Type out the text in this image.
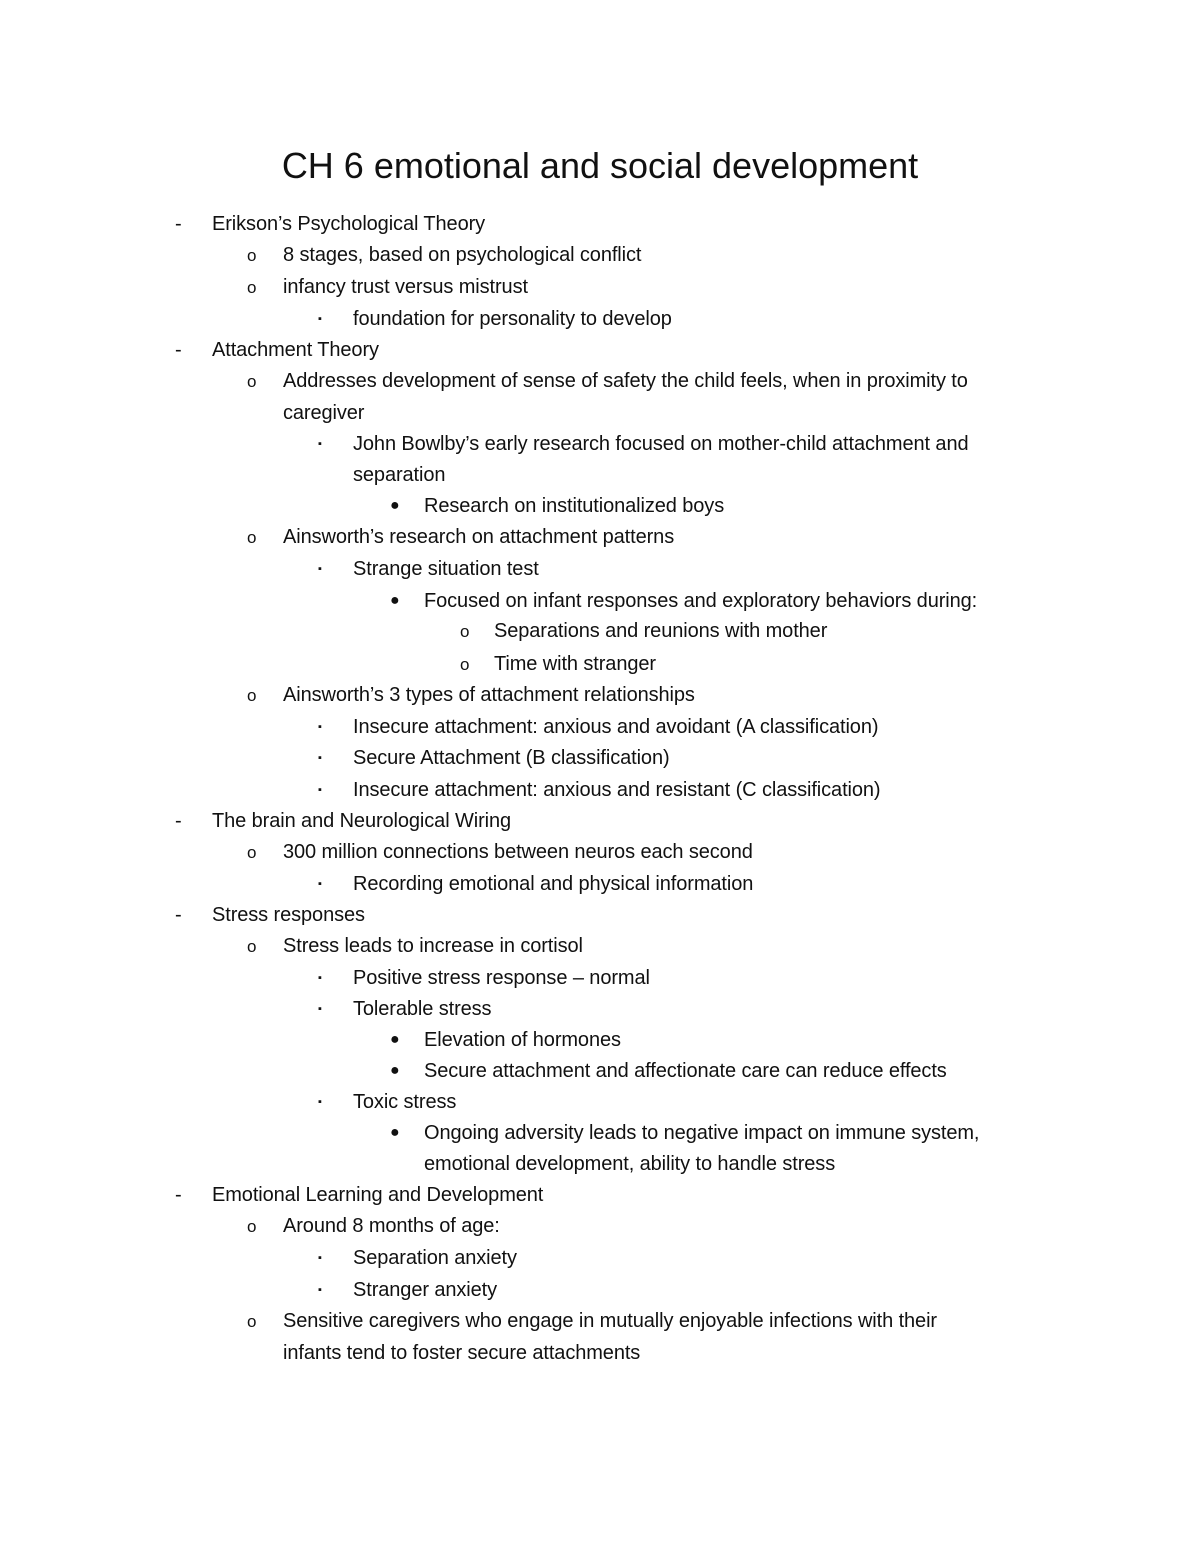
CH 6 emotional and social development
- Erikson’s Psychological Theory
o 8 stages, based on psychological conflict
o infancy trust versus mistrust
▪ foundation for personality to develop
- Attachment Theory
o Addresses development of sense of safety the child feels, when in proximity to
caregiver
▪ John Bowlby’s early research focused on mother-child attachment and
separation
● Research on institutionalized boys
o Ainsworth’s research on attachment patterns
▪ Strange situation test
● Focused on infant responses and exploratory behaviors during:
o Separations and reunions with mother
o Time with stranger
o Ainsworth’s 3 types of attachment relationships
▪ Insecure attachment: anxious and avoidant (A classification)
▪ Secure Attachment (B classification)
▪ Insecure attachment: anxious and resistant (C classification)
- The brain and Neurological Wiring
o 300 million connections between neuros each second
▪ Recording emotional and physical information
- Stress responses
o Stress leads to increase in cortisol
▪ Positive stress response – normal
▪ Tolerable stress
● Elevation of hormones
● Secure attachment and affectionate care can reduce effects
▪ Toxic stress
● Ongoing adversity leads to negative impact on immune system,
emotional development, ability to handle stress
- Emotional Learning and Development
o Around 8 months of age:
▪ Separation anxiety
▪ Stranger anxiety
o Sensitive caregivers who engage in mutually enjoyable infections with their
infants tend to foster secure attachments
